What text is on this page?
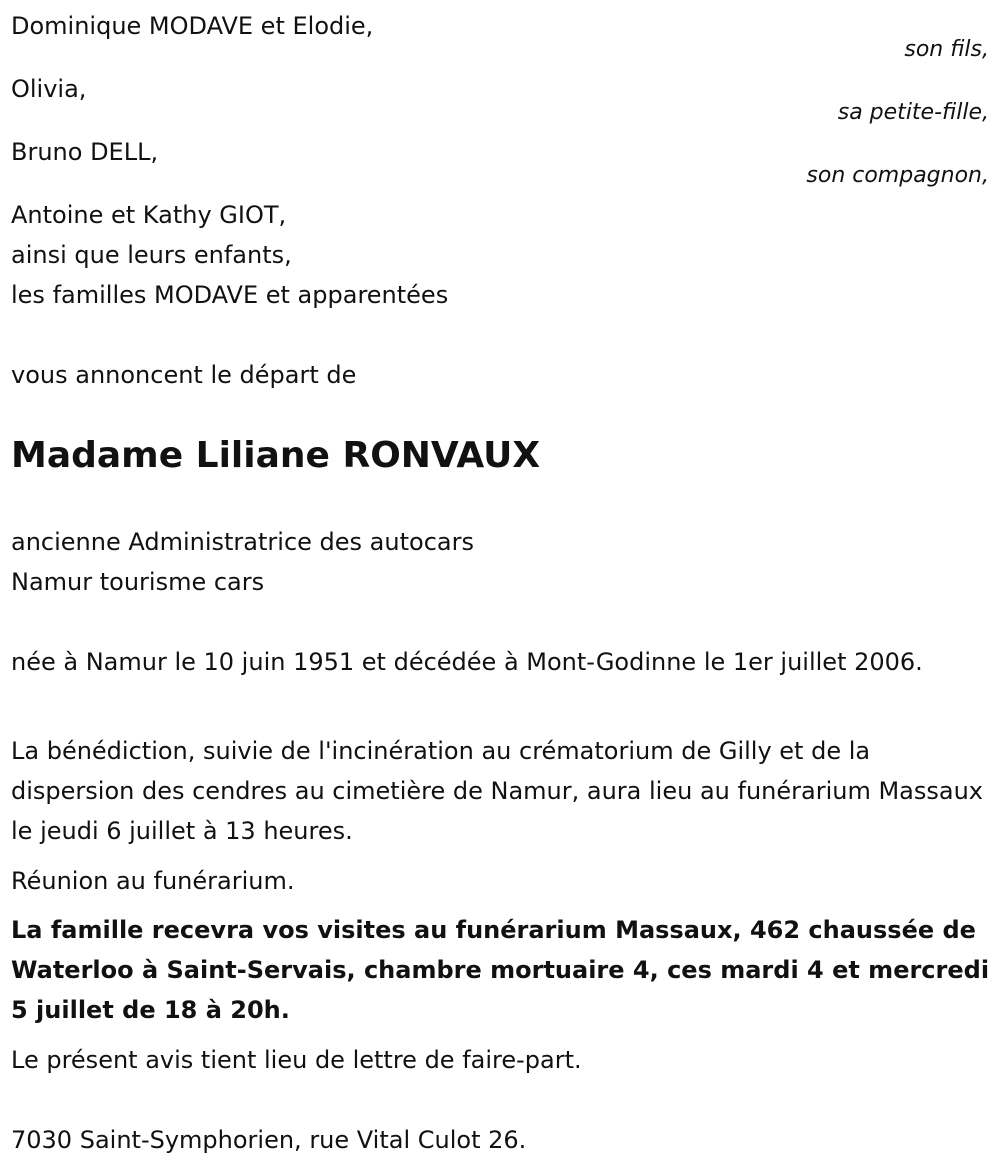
Dominique MODAVE et Elodie,
son fils,
Olivia,
sa petite-fille,
Bruno DELL,
son compagnon,
Antoine et Kathy GIOT,
ainsi que leurs enfants,
les familles MODAVE et apparentées
vous annoncent le départ de
Madame Liliane RONVAUX
ancienne Administratrice des autocars
Namur tourisme cars
née à Namur le 10 juin 1951 et décédée à Mont-Godinne le 1er juillet 2006.
La bénédiction, suivie de l'incinération au crématorium de Gilly et de la dispersion des cendres au cimetière de Namur, aura lieu au funérarium Massaux le jeudi 6 juillet à 13 heures.
Réunion au funérarium.
La famille recevra vos visites au funérarium Massaux, 462 chaussée de Waterloo à Saint-Servais, chambre mortuaire 4, ces mardi 4 et mercredi 5 juillet de 18 à 20h.
Le présent avis tient lieu de lettre de faire-part.
7030 Saint-Symphorien, rue Vital Culot 26.
